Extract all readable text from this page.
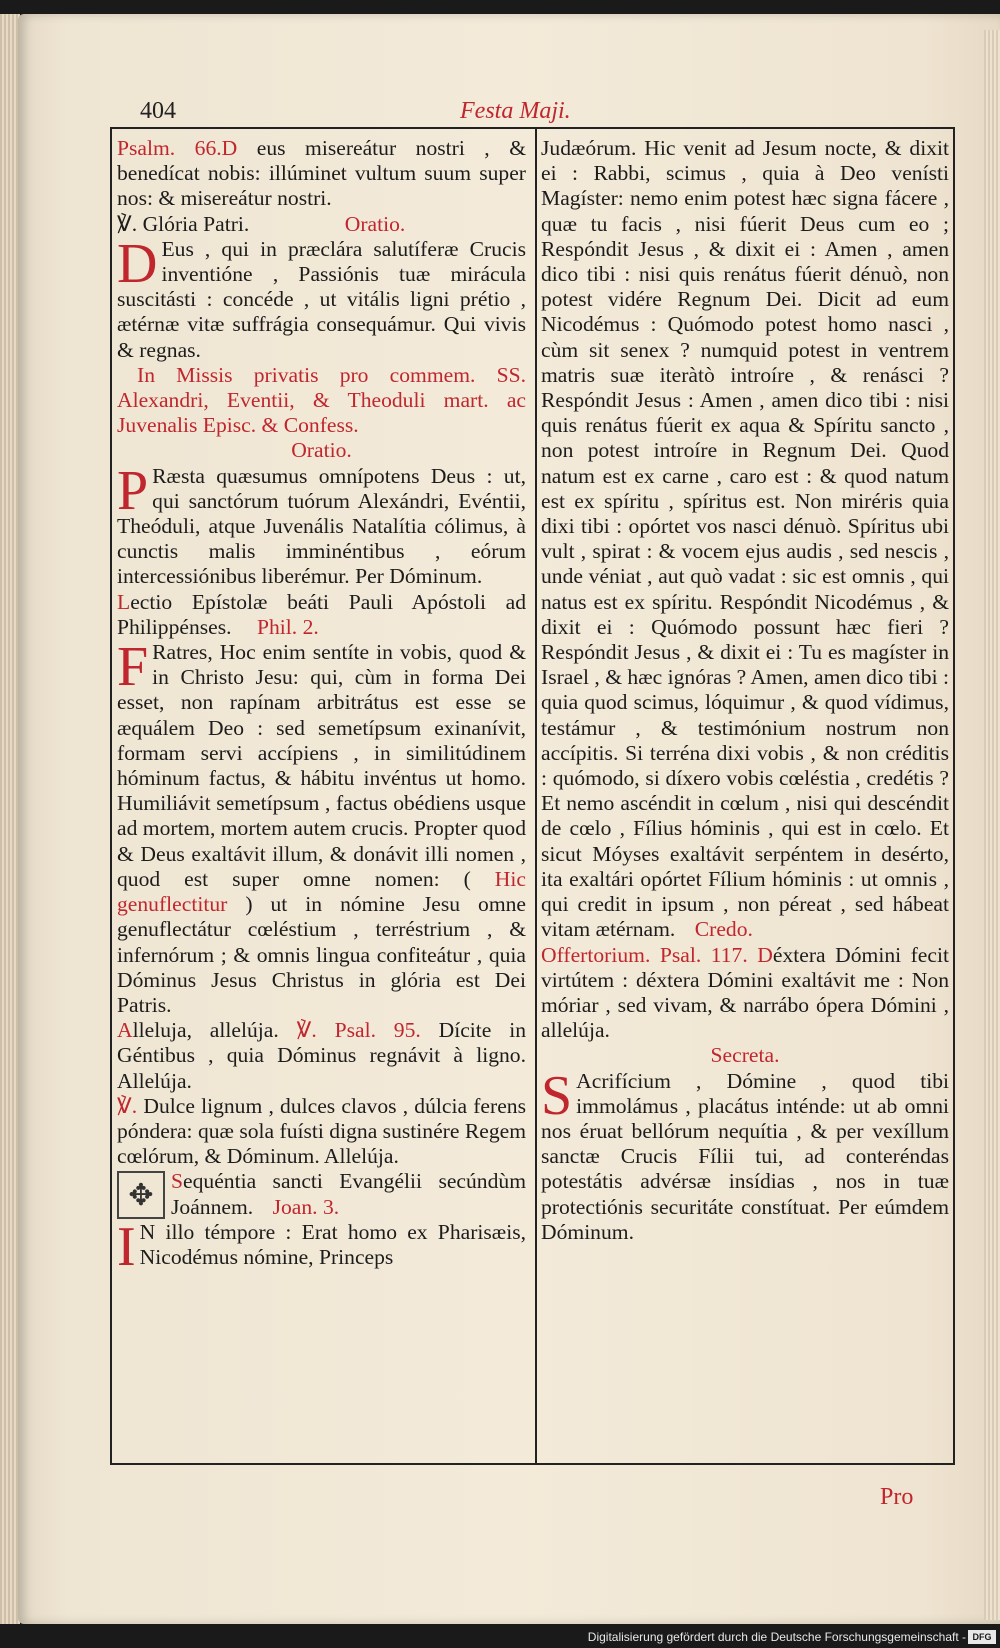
404	Festa Maji.

Psalm. 66.D eus misereátur nostri , & benedícat nobis: illúminet vultum suum super nos: & misereátur nostri.

℣. Glória Patri.	Oratio.

D Eus , qui in præclára salutíferæ Crucis inventióne , Passiónis tuæ mirácula suscitásti : concéde , ut vitális ligni prétio , ætérnæ vitæ suffrágia consequámur. Qui vivis & regnas.

In Missis privatis pro commem. SS. Alexandri, Eventii, & Theoduli mart. ac Juvenalis Episc. & Confess.

Oratio.

P Ræsta quæsumus omnípotens Deus : ut, qui sanctórum tuórum Alexándri, Evéntii, Theóduli, atque Juvenális Natalítia cólimus, à cunctis malis imminéntibus , eórum intercessiónibus liberémur. Per Dóminum.

Lectio Epístolæ beáti Pauli Apóstoli ad Philippénses. Phil. 2.

F Ratres, Hoc enim sentíte in vobis, quod & in Christo Jesu: qui, cùm in forma Dei esset, non rapínam arbitrátus est esse se æquálem Deo : sed semetípsum exinanívit, formam servi accípiens , in similitúdinem hóminum factus, & hábitu invéntus ut homo. Humiliávit semetípsum , factus obédiens usque ad mortem, mortem autem crucis. Propter quod & Deus exaltávit illum, & donávit illi nomen , quod est super omne nomen: ( Hic genuflectitur ) ut in nómine Jesu omne genuflectátur cœléstium , terréstrium , & infernórum ; & omnis lingua confiteátur , quia Dóminus Jesus Christus in glória est Dei Patris.

Alleluja, allelúja. ℣. Psal. 95. Dícite in Géntibus , quia Dóminus regnávit à ligno. Allelúja.

℣. Dulce lignum , dulces clavos , dúlcia ferens póndera: quæ sola fuísti digna sustinére Regem cœlórum, & Dóminum. Allelúja.

✥ Sequéntia sancti Evangélii secúndùm Joánnem. Joan. 3.

I N illo témpore : Erat homo ex Pharisæis, Nicodémus nómine, Princeps

Judæórum. Hic venit ad Jesum nocte, & dixit ei : Rabbi, scimus , quia à Deo venísti Magíster: nemo enim potest hæc signa fácere , quæ tu facis , nisi fúerit Deus cum eo ; Respóndit Jesus , & dixit ei : Amen , amen dico tibi : nisi quis renátus fúerit dénuò, non potest vidére Regnum Dei. Dicit ad eum Nicodémus : Quómodo potest homo nasci , cùm sit senex ? numquid potest in ventrem matris suæ iteràtò introíre , & renásci ? Respóndit Jesus : Amen , amen dico tibi : nisi quis renátus fúerit ex aqua & Spíritu sancto , non potest introíre in Regnum Dei. Quod natum est ex carne , caro est : & quod natum est ex spíritu , spíritus est. Non miréris quia dixi tibi : opórtet vos nasci dénuò. Spíritus ubi vult , spirat : & vocem ejus audis , sed nescis , unde véniat , aut quò vadat : sic est omnis , qui natus est ex spíritu. Respóndit Nicodémus , & dixit ei : Quómodo possunt hæc fieri ? Respóndit Jesus , & dixit ei : Tu es magíster in Israel , & hæc ignóras ? Amen, amen dico tibi : quia quod scimus, lóquimur , & quod vídimus, testámur , & testimónium nostrum non accípitis. Si terréna dixi vobis , & non créditis : quómodo, si díxero vobis cœléstia , credétis ? Et nemo ascéndit in cœlum , nisi qui descéndit de cœlo , Fílius hóminis , qui est in cœlo. Et sicut Móyses exaltávit serpéntem in desérto, ita exaltári opórtet Fílium hóminis : ut omnis , qui credit in ipsum , non péreat , sed hábeat vitam ætérnam. Credo.

Offertorium. Psal. 117. Déxtera Dómini fecit virtútem : déxtera Dómini exaltávit me : Non móriar , sed vivam, & narrábo ópera Dómini , allelúja.

Secreta.

S Acrifícium , Dómine , quod tibi immolámus , placátus inténde: ut ab omni nos éruat bellórum nequítia , & per vexíllum sanctæ Crucis Fílii tui, ad conteréndas potestátis advérsæ insídias , nos in tuæ protectiónis securitáte constítuat. Per eúmdem Dóminum.

Pro
Digitalisierung gefördert durch die Deutsche Forschungsgemeinschaft - DFG
